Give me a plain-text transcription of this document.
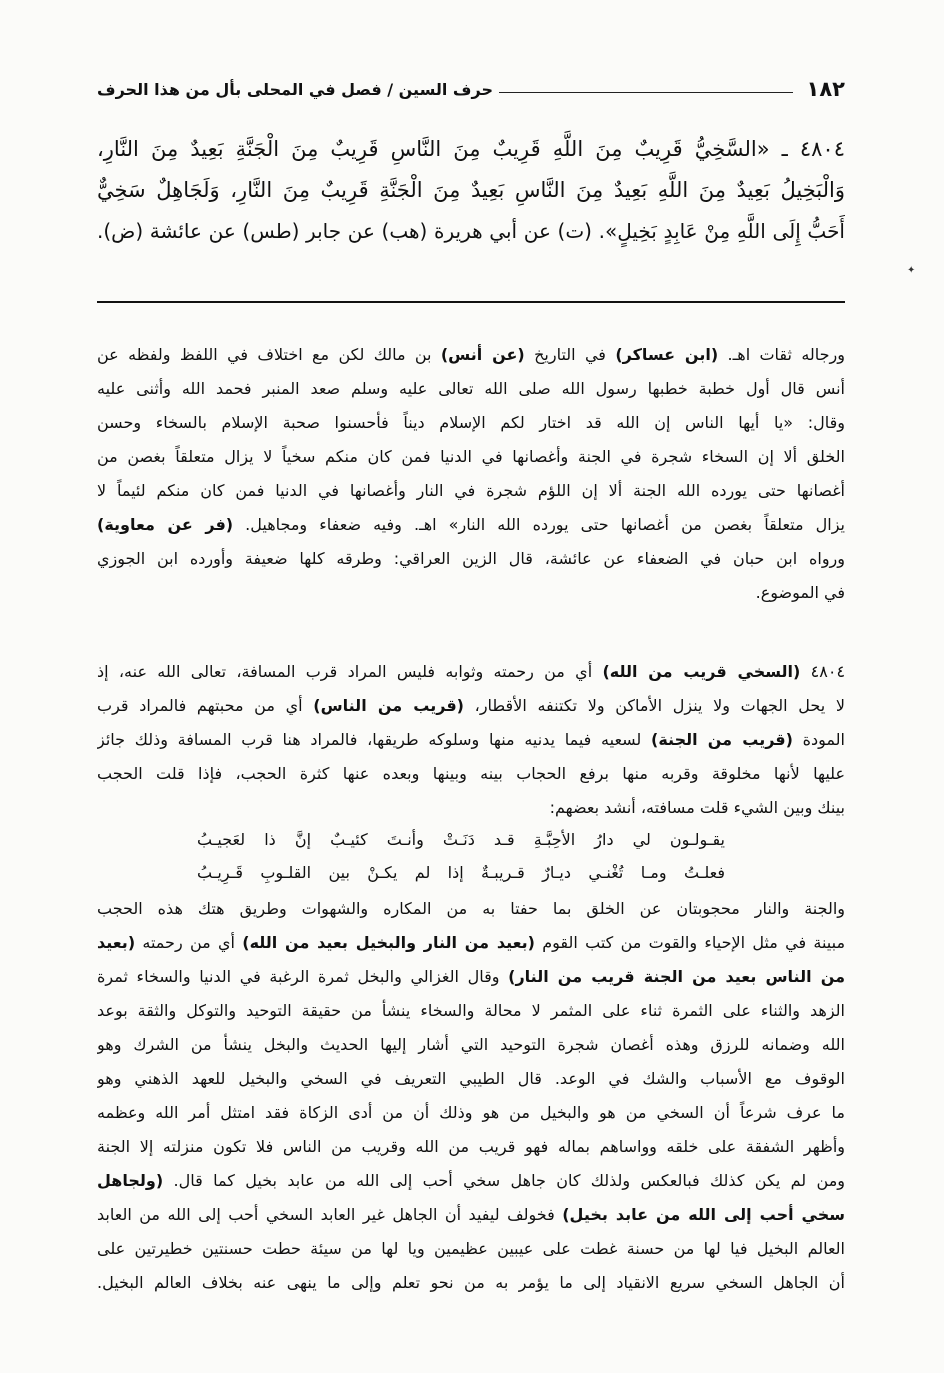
١٨٢
حرف السين / فصل في المحلى بأل من هذا الحرف
٤٨٠٤ ـ «السَّخِيُّ قَرِيبٌ مِنَ اللَّهِ قَرِيبٌ مِنَ النَّاسِ قَرِيبٌ مِنَ الْجَنَّةِ بَعِيدٌ مِنَ النَّارِ،
وَالْبَخِيلُ بَعِيدٌ مِنَ اللَّهِ بَعِيدٌ مِنَ النَّاسِ بَعِيدٌ مِنَ الْجَنَّةِ قَرِيبٌ مِنَ النَّارِ، وَلَجَاهِلٌ سَخِيٌّ
أَحَبُّ إِلَى اللَّهِ مِنْ عَابِدٍ بَخِيلٍ». (ت) عن أبي هريرة (هب) عن جابر (طس) عن عائشة (ض).
ورجاله ثقات اهـ. (ابن عساكر) في التاريخ (عن أنس) بن مالك لكن مع اختلاف في اللفظ ولفظه عن
أنس قال أول خطبة خطبها رسول الله صلى الله تعالى عليه وسلم صعد المنبر فحمد الله وأثنى عليه
وقال: «يا أيها الناس إن الله قد اختار لكم الإسلام ديناً فأحسنوا صحبة الإسلام بالسخاء وحسن
الخلق ألا إن السخاء شجرة في الجنة وأغصانها في الدنيا فمن كان منكم سخياً لا يزال متعلقاً بغصن من
أغصانها حتى يورده الله الجنة ألا إن اللؤم شجرة في النار وأغصانها في الدنيا فمن كان منكم لئيماً لا
يزال متعلقاً بغصن من أغصانها حتى يورده الله النار» اهـ. وفيه ضعفاء ومجاهيل. (فر عن معاوية)
ورواه ابن حبان في الضعفاء عن عائشة، قال الزين العراقي: وطرقه كلها ضعيفة وأورده ابن الجوزي
في الموضوع.
٤٨٠٤ (السخي قريب من الله) أي من رحمته وثوابه فليس المراد قرب المسافة، تعالى الله عنه، إذ
لا يحل الجهات ولا ينزل الأماكن ولا تكتنفه الأقطار، (قريب من الناس) أي من محبتهم فالمراد قرب
المودة (قريب من الجنة) لسعيه فيما يدنيه منها وسلوكه طريقها، فالمراد هنا قرب المسافة وذلك جائز
عليها لأنها مخلوقة وقربه منها برفع الحجاب بينه وبينها وبعده عنها كثرة الحجب، فإذا قلت الحجب
بينك وبين الشيء قلت مسافته، أنشد بعضهم:
يقـولـون لي دارُ الأحِبَّـةِ قـد دَنَـتْ وأنـتَ كئيـبٌ إنَّ ذا لعَجيـبُ
فعلـتُ ومـا تُغْنـي ديـارٌ قـريبـةٌ إذا لم يكـنْ بين القلـوبِ قَـرِيـبُ
والجنة والنار محجوبتان عن الخلق بما حفتا به من المكاره والشهوات وطريق هتك هذه الحجب
مبينة في مثل الإحياء والقوت من كتب القوم (بعيد من النار والبخيل بعيد من الله) أي من رحمته (بعيد
من الناس بعيد من الجنة قريب من النار) وقال الغزالي والبخل ثمرة الرغبة في الدنيا والسخاء ثمرة
الزهد والثناء على الثمرة ثناء على المثمر لا محالة والسخاء ينشأ من حقيقة التوحيد والتوكل والثقة بوعد
الله وضمانه للرزق وهذه أغصان شجرة التوحيد التي أشار إليها الحديث والبخل ينشأ من الشرك وهو
الوقوف مع الأسباب والشك في الوعد. قال الطيبي التعريف في السخي والبخيل للعهد الذهني وهو
ما عرف شرعاً أن السخي من هو والبخيل من هو وذلك أن من أدى الزكاة فقد امتثل أمر الله وعظمه
وأظهر الشفقة على خلقه وواساهم بماله فهو قريب من الله وقريب من الناس فلا تكون منزلته إلا الجنة
ومن لم يكن كذلك فبالعكس ولذلك كان جاهل سخي أحب إلى الله من عابد بخيل كما قال. (ولجاهل
سخي أحب إلى الله من عابد بخيل) فخولف ليفيد أن الجاهل غير العابد السخي أحب إلى الله من العابد
العالم البخيل فيا لها من حسنة غطت على عيبين عظيمين ويا لها من سيئة حطت حسنتين خطيرتين على
أن الجاهل السخي سريع الانقياد إلى ما يؤمر به من نحو تعلم وإلى ما ينهى عنه بخلاف العالم البخيل.
✦
